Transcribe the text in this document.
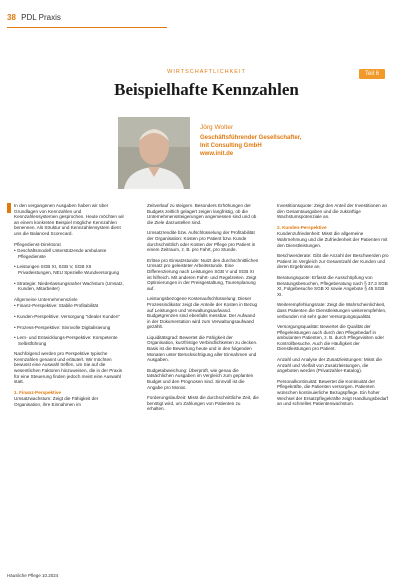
38 PDL Praxis
WIRTSCHAFTLICHKEIT	Teil 6
Beispielhafte Kennzahlen
Jörg Wolter
Geschäftsführender Gesellschafter,
Init Consulting GmbH
www.init.de

In den vergangenen Ausgaben haben wir über Grundlagen von Kennzahlen und Kennzahlensystemen gesprochen. Heute möchten wir an einem konkreten Beispiel mögliche Kennzahlen benennen. Als Struktur und Kennzahlensystem dient uns die Balanced Scorecard.

Pflegedienst-Direktorat

• Geschäftsmodell Unterstützende ambulante Pflegedienste

• Leistungen SGB XI, SGB V, SGB XII Privatleistungen, NEU Spezielle Wundversorgung

• Strategie: Niederlassungsnaher Wachstum (Umsatz, Kunden, Mitarbeiter)

Allgemeine Unternehmensziele

• Finanz-Perspektive: Stabile Profitabilität

• Kunden-Perspektive: Versorgung "Idealer Kunden"

• Prozess-Perspektive: Sinnvolle Digitalisierung

• Lern- und Entwicklungs-Perspektive: Kompetente Selbstführung

Nachfolgend werden pro Perspektive typische Kennzahlen genannt und erläutert. Wir möchten bewusst eine Auswahl treffen, um Sie auf die wesentlichen Faktoren hinzuweisen, die in der Praxis für eine Steuerung finden jedoch meist eine Auswahl statt.

1. Finanz-Perspektive

Umsatzwachstum: Zeigt die Fähigkeit der Organisation, ihre Einnahmen im

Zeitverlauf zu steigern. Besonders Erhöhungen der Budgets zeitlich gelagert zeigen langfristig, ob die Unternehmenssteigerungen angemessen sind und ob die Ziele darzustellen sind.

Umsatzrendite bzw. Aufschlüsselung der Profitabilität der Organisation: Kosten pro Patient bzw. Kunde durchschnittlich oder Kosten der Pflege pro Patient in einem Zeitraum, z. B. pro Fahrt, pro Stunde.

Erlöse pro Einsatzstunde: Nutzt den durchschnittlichen Umsatz pro geleisteter Arbeitsstunde. Eine Differenzierung nach Leistungen SGB V und SGB XI ist hilfreich. Mit anderen Fahrt- und Regelzeiten. Zeigt Optimierungen in der Preisgestaltung, Tourenplanung auf.

Leistungsbezogene Kostenaufschlüsselung: Dieser Prozessindikator zeigt die Anteile der Kosten in Bezug auf Leistungen und Verwaltungsaufwand. Budgetgrenzen sind ebenfalls messbar. Der Aufwand in der Dokumentation wird zum Verwaltungsaufwand gezählt.

Liquiditätsgrad: Bewertet die Fähigkeit der Organisation, kurzfristige Verbindlichkeiten zu decken. Basis ist die Bewertung heute und in den folgenden Monaten unter Berücksichtigung aller Einnahmen und Ausgaben.

Budgetabweichung: Überprüft, wie genau die tatsächlichen Ausgaben im Vergleich zum geplanten Budget und den Prognosen sind. Sinnvoll ist die Angabe pro Monat.

Forderungslaufzeit: Misst die durchschnittliche Zeit, die benötigt wird, um Zahlungen von Patienten zu erhalten.

Investitionsquote: Zeigt den Anteil der Investitionen an den Gesamtausgaben und die zukünftige Wachstumspotenziale an.

2. Kunden-Perspektive

Kundenzufriedenheit: Misst die allgemeine Wahrnehmung und die Zufriedenheit der Patienten mit den Dienstleistungen.

Beschwerderate: Gibt die Anzahl der Beschwerden pro Patient im Vergleich zur Gesamtzahl der Kunden und deren Ergebnisse an.

Beratungsquote: Erfasst die Ausschöpfung von Beratungsbesuchen, Pflegeberatung nach § 37.3 SGB XI, Folgebesuche SGB XI sowie Angebote § 45 SGB XI.

Weiterempfehlungsrate: Zeigt die Wahrscheinlichkeit, dass Patienten die Dienstleistungen weiterempfehlen, verbunden mit sehr guter Versorgungsqualität.

Versorgungsqualität: Bewertet die Qualität der Pflegeleistungen auch durch den Pflegebedarf in ambulanten Patienten, z. B. durch Pflegevisiten oder Kontrollbesuche. Auch die Häufigkeit der Dienstleistungen pro Patient.

Anzahl und Analyse der Zusatzleistungen: Misst die Anzahl und Vielfalt von Zusatzleistungen, die angeboten werden (Privatzahler-Katalog).

Personalkontinuität: Bewertet die Kontinuität der Pflegekräfte, die Patienten versorgen. Patienten wünschen kontinuierliche Bezugspflege. Ein hoher Wechsel der Ersatzpflegekräfte zeigt Handlungsbedarf an und schnelles Patientenwachstum.

Häusliche Pflege 10.2024
